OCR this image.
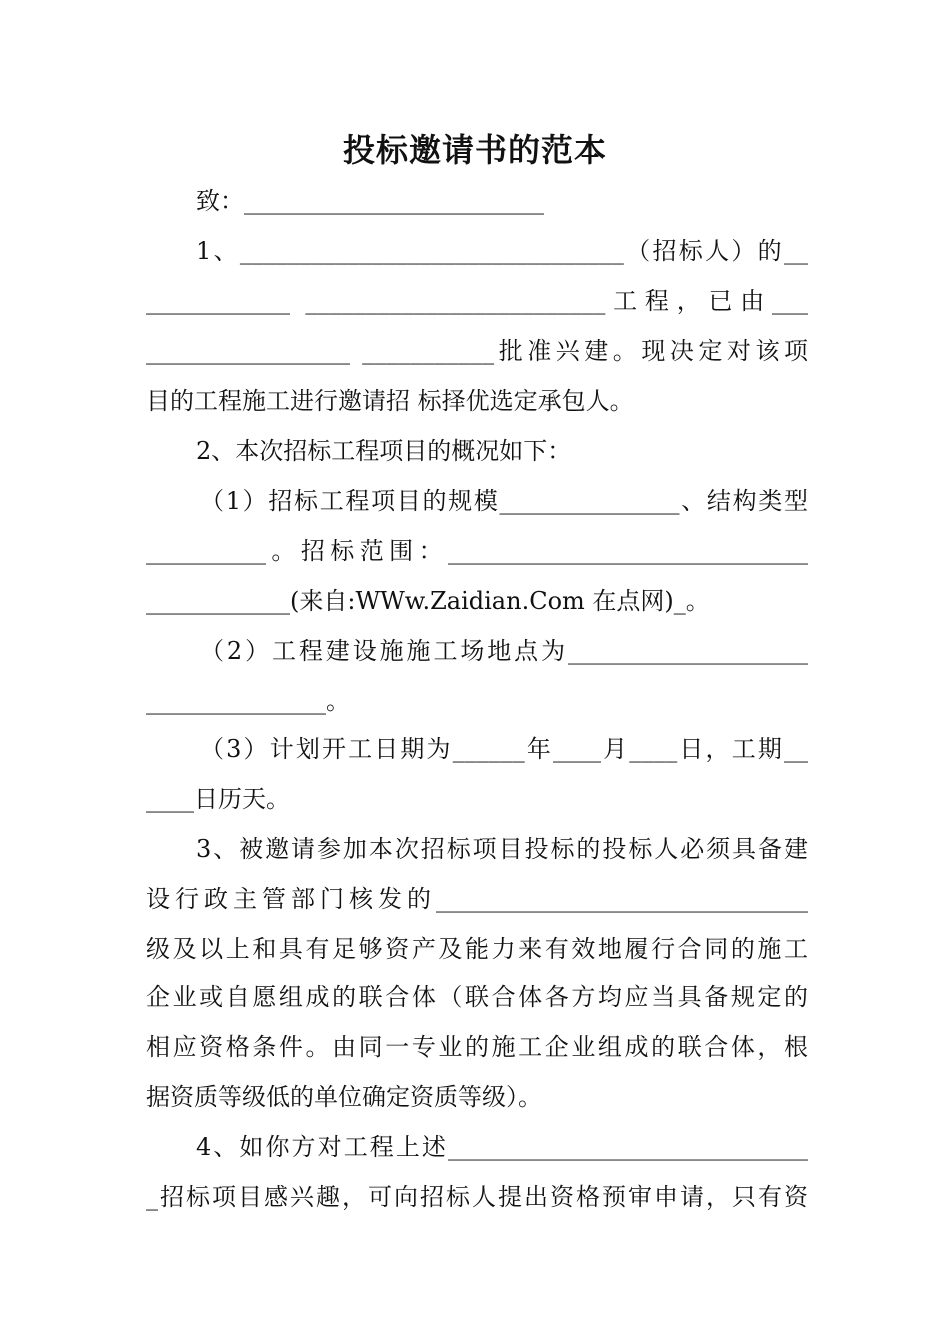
投标邀请书的范本
致：_________________________
1、________________________________（招标人）的__
____________ _________________________工程，已由___
_________________ ___________批准兴建。现决定对该项
目的工程施工进行邀请招 标择优选定承包人。
2、本次招标工程项目的概况如下：
（1）招标工程项目的规模_______________、结构类型
__________。招标范围：______________________________
____________(来自:WWw.Zaidian.Com 在点网)_。
（2）工程建设施施工场地点为____________________
_______________。
（3）计划开工日期为______年____月____日，工期__
____日历天。
3、被邀请参加本次招标项目投标的投标人必须具备建
设行政主管部门核发的_______________________________
级及以上和具有足够资产及能力来有效地履行合同的施工
企业或自愿组成的联合体（联合体各方均应当具备规定的
相应资格条件。由同一专业的施工企业组成的联合体，根
据资质等级低的单位确定资质等级）。
4、如你方对工程上述______________________________
_招标项目感兴趣，可向招标人提出资格预审申请，只有资
